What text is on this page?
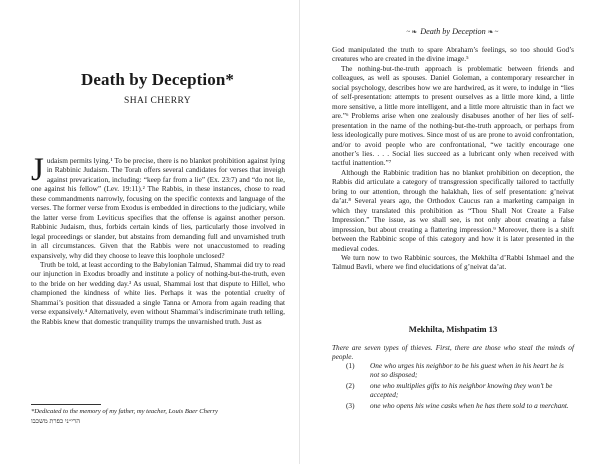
Death by Deception*
SHAI CHERRY

Judaism permits lying.¹ To be precise, there is no blanket prohibition against lying in Rabbinic Judaism. The Torah offers several candidates for verses that inveigh against prevarication, including: “keep far from a lie” (Ex. 23:7) and “do not lie, one against his fellow” (Lev. 19:11).² The Rabbis, in these instances, chose to read these commandments narrowly, focusing on the specific contexts and language of the verses. The former verse from Exodus is embedded in directions to the judiciary, while the latter verse from Leviticus specifies that the offense is against another person. Rabbinic Judaism, thus, forbids certain kinds of lies, particularly those involved in legal proceedings or slander, but abstains from demanding full and unvarnished truth in all circumstances. Given that the Rabbis were not unaccustomed to reading expansively, why did they choose to leave this loophole unclosed?

Truth be told, at least according to the Babylonian Talmud, Shammai did try to read our injunction in Exodus broadly and institute a policy of nothing-but-the-truth, even to the bride on her wedding day.³ As usual, Shammai lost that dispute to Hillel, who championed the kindness of white lies. Perhaps it was the potential cruelty of Shammai’s position that dissuaded a single Tanna or Amora from again reading that verse expansively.⁴ Alternatively, even without Shammai’s indiscriminate truth telling, the Rabbis knew that domestic tranquility trumps the unvarnished truth. Just as

*Dedicated to the memory of my father, my teacher, Louis Baer Cherry
הרי״ני כפרת משכבו
~❧ Death by Deception ❧~

God manipulated the truth to spare Abraham’s feelings, so too should God’s creatures who are created in the divine image.⁵

The nothing-but-the-truth approach is problematic between friends and colleagues, as well as spouses. Daniel Goleman, a contemporary researcher in social psychology, describes how we are hardwired, as it were, to indulge in “lies of self-presentation: attempts to present ourselves as a little more kind, a little more sensitive, a little more intelligent, and a little more altruistic than in fact we are.”⁶ Problems arise when one zealously disabuses another of her lies of self-presentation in the name of the nothing-but-the-truth approach, or perhaps from less ideologically pure motives. Since most of us are prone to avoid confrontation, and/or to avoid people who are confrontational, “we tacitly encourage one another’s lies. . . . Social lies succeed as a lubricant only when received with tactful inattention.”⁷

Although the Rabbinic tradition has no blanket prohibition on deception, the Rabbis did articulate a category of transgression specifically tailored to tactfully bring to our attention, through the halakhah, lies of self presentation: g’neivat da’at.⁸ Several years ago, the Orthodox Caucus ran a marketing campaign in which they translated this prohibition as “Thou Shall Not Create a False Impression.” The issue, as we shall see, is not only about creating a false impression, but about creating a flattering impression.⁹ Moreover, there is a shift between the Rabbinic scope of this category and how it is later presented in the medieval codes.

We turn now to two Rabbinic sources, the Mekhilta d’Rabbi Ishmael and the Talmud Bavli, where we find elucidations of g’neivat da’at.

Mekhilta, Mishpatim 13
There are seven types of thieves. First, there are those who steal the minds of people.
(1) One who urges his neighbor to be his guest when in his heart he is not so disposed;
(2) one who multiplies gifts to his neighbor knowing they won’t be accepted;
(3) one who opens his wine casks when he has them sold to a merchant.
